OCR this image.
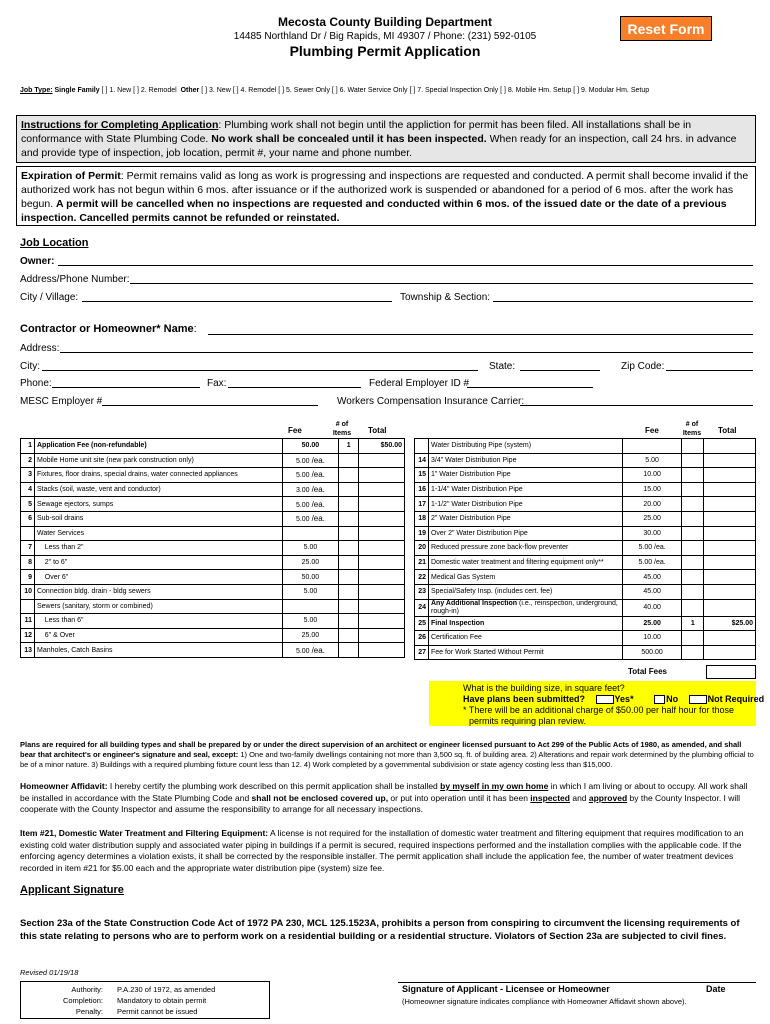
Mecosta County Building Department
14485 Northland Dr / Big Rapids, MI 49307 / Phone: (231) 592-0105
Plumbing Permit Application
Reset Form
Job Type: Single Family [ ] 1. New [ ] 2. Remodel Other [ ] 3. New [ ] 4. Remodel [ ] 5. Sewer Only [ ] 6. Water Service Only [ ] 7. Special Inspection Only [ ] 8. Mobile Hm. Setup [ ] 9. Modular Hm. Setup
Instructions for Completing Application: Plumbing work shall not begin until the appliction for permit has been filed. All installations shall be in conformance with State Plumbing Code. No work shall be concealed until it has been inspected. When ready for an inspection, call 24 hrs. in advance and provide type of inspection, job location, permit #, your name and phone number.
Expiration of Permit: Permit remains valid as long as work is progressing and inspections are requested and conducted. A permit shall become invalid if the authorized work has not begun within 6 mos. after issuance or if the authorized work is suspended or abandoned for a period of 6 mos. after the work has begun. A permit will be cancelled when no inspections are requested and conducted within 6 mos. of the issued date or the date of a previous inspection. Cancelled permits cannot be refunded or reinstated.
Job Location
Owner:
Address/Phone Number:
City / Village:	Township & Section:
Contractor or Homeowner* Name:
Address:
City:	State:	Zip Code:
Phone:	Fax:	Federal Employer ID #
MESC Employer #	Workers Compensation Insurance Carrier:
Fee
# of Items	Total	Fee
# of Items	Total
1	Application Fee (non-refundable)	50.00	1	$50.00
2	Mobile Home unit site (new park construction only)	5.00 /ea.		
3	Fixtures, floor drains, special drains, water connected appliances	5.00 /ea.		
4	Stacks (soil, waste, vent and conductor)	3.00 /ea.		
5	Sewage ejectors, sumps	5.00 /ea.		
6	Sub-soil drains	5.00 /ea.		
	Water Services			
7	Less than 2"	5.00		
8	2" to 6"	25.00		
9	Over 6"	50.00		
10	Connection bldg. drain - bldg sewers	5.00		
	Sewers (sanitary, storm or combined)			
11	Less than 6"	5.00		
12	6" & Over	25.00		
13	Manholes, Catch Basins	5.00 /ea.		
	Water Distributing Pipe (system)			
14	3/4" Water Distribution Pipe	5.00		
15	1" Water Distribution Pipe	10.00		
16	1-1/4" Water Distribution Pipe	15.00		
17	1-1/2" Water Distribution Pipe	20.00		
18	2" Water Distribution Pipe	25.00		
19	Over 2" Water Distribution Pipe	30.00		
20	Reduced pressure zone back-flow preventer	5.00 /ea.		
21	Domestic water treatment and filtering equipment only**	5.00 /ea.		
22	Medical Gas System	45.00		
23	Special/Safety Insp. (includes cert. fee)	45.00		
24	Any Additional Inspection (i.e., reinspection, underground, rough-in)	40.00		
25	Final Inspection	25.00	1	$25.00
26	Certification Fee	10.00		
27	Fee for Work Started Without Permit	500.00		
Total Fees
What is the building size, in square feet?
Have plans been submitted?	Yes*	No	Not Required
* There will be an additional charge of $50.00 per half hour for those
permits requiring plan review.
Plans are required for all building types and shall be prepared by or under the direct supervision of an architect or engineer licensed pursuant to Act 299 of the Public Acts of 1980, as amended, and shall bear that architect's or engineer's signature and seal, except: 1) One and two-family dwellings containing not more than 3,500 sq. ft. of building area. 2) Alterations and repair work determined by the plumbing official to be of a minor nature. 3) Buildings with a required plumbing fixture count less than 12. 4) Work completed by a governmental subdivision or state agency costing less than $15,000.
Homeowner Affidavit: I hereby certify the plumbing work described on this permit application shall be installed by myself in my own home in which I am living or about to occupy. All work shall be installed in accordance with the State Plumbing Code and shall not be enclosed covered up, or put into operation until it has been inspected and approved by the County Inspector. I will cooperate with the County Inspector and assume the responsibility to arrange for all necessary inspections.
Item #21, Domestic Water Treatment and Filtering Equipment: A license is not required for the installation of domestic water treatment and filtering equipment that requires modification to an existing cold water distribution supply and associated water piping in buildings if a permit is secured, required inspections performed and the installation complies with the applicable code. If the enforcing agency determines a violation exists, it shall be corrected by the responsible installer. The permit application shall include the application fee, the number of water treatment devices recorded in item #21 for $5.00 each and the appropriate water distribution pipe (system) size fee.
Applicant Signature
Section 23a of the State Construction Code Act of 1972 PA 230, MCL 125.1523A, prohibits a person from conspiring to circumvent the licensing requirements of this state relating to persons who are to perform work on a residential building or a residential structure. Violators of Section 23a are subjected to civil fines.
Revised 01/19/18
Authority:	P.A.230 of 1972, as amended
Completion:	Mandatory to obtain permit
Penalty:	Permit cannot be issued
Signature of Applicant - Licensee or Homeowner	Date
(Homeowner signature indicates compliance with Homeowner Affidavit shown above).
